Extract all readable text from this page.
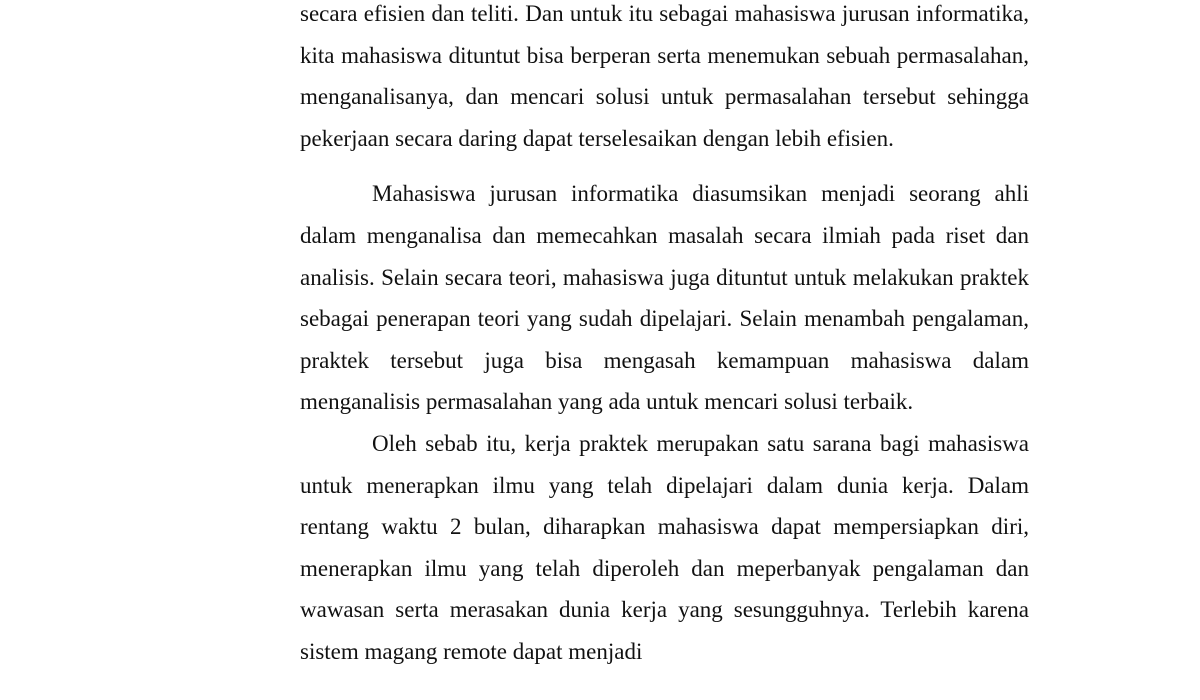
secara efisien dan teliti. Dan untuk itu sebagai mahasiswa jurusan informatika, kita mahasiswa dituntut bisa berperan serta menemukan sebuah permasalahan, menganalisanya, dan mencari solusi untuk permasalahan tersebut sehingga pekerjaan secara daring dapat terselesaikan dengan lebih efisien.

Mahasiswa jurusan informatika diasumsikan menjadi seorang ahli dalam menganalisa dan memecahkan masalah secara ilmiah pada riset dan analisis. Selain secara teori, mahasiswa juga dituntut untuk melakukan praktek sebagai penerapan teori yang sudah dipelajari. Selain menambah pengalaman, praktek tersebut juga bisa mengasah kemampuan mahasiswa dalam menganalisis permasalahan yang ada untuk mencari solusi terbaik.

Oleh sebab itu, kerja praktek merupakan satu sarana bagi mahasiswa untuk menerapkan ilmu yang telah dipelajari dalam dunia kerja. Dalam rentang waktu 2 bulan, diharapkan mahasiswa dapat mempersiapkan diri, menerapkan ilmu yang telah diperoleh dan meperbanyak pengalaman dan wawasan serta merasakan dunia kerja yang sesungguhnya. Terlebih karena sistem magang remote dapat menjadi
